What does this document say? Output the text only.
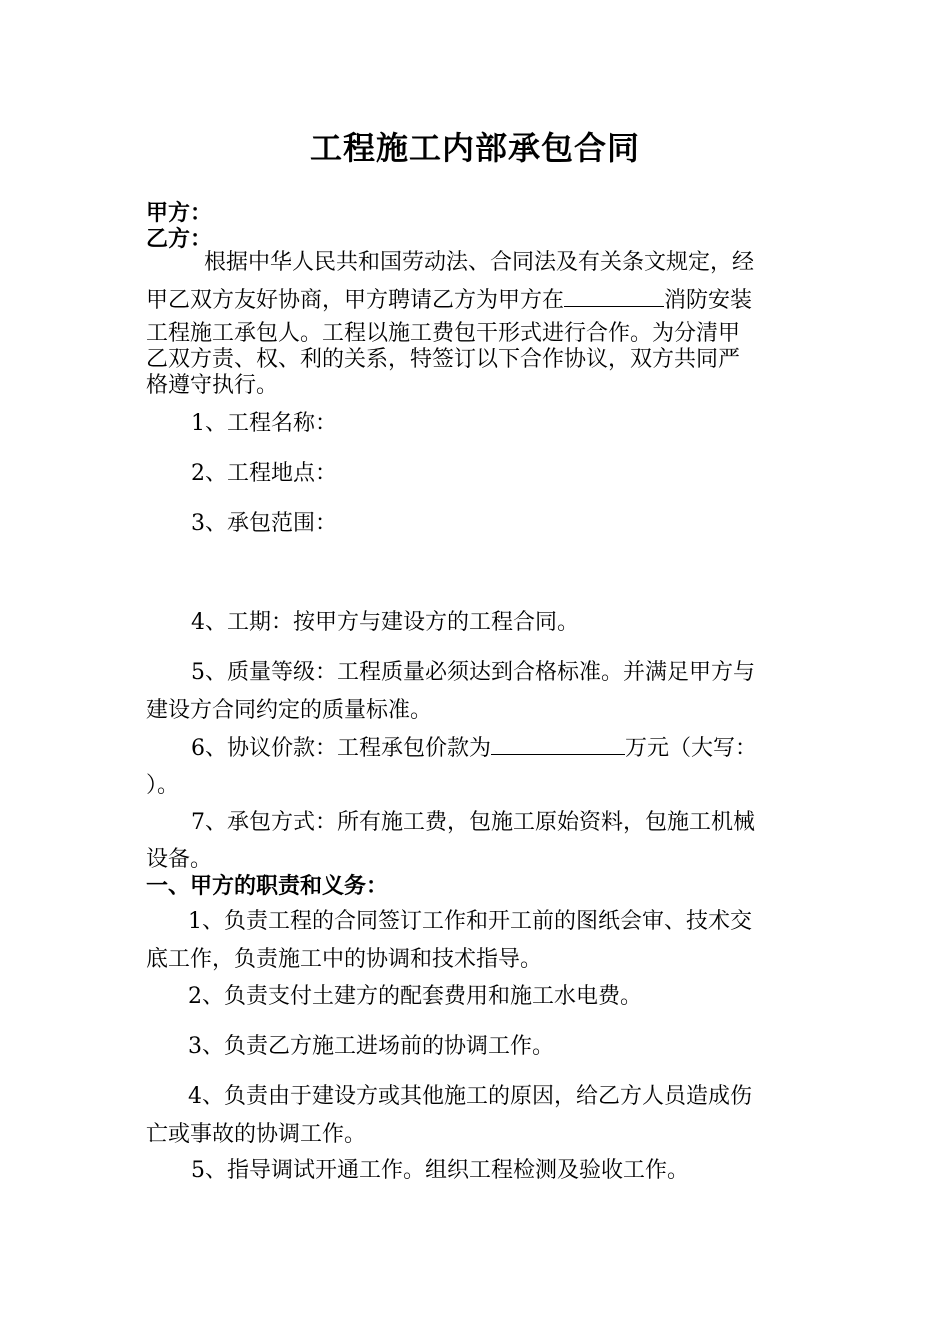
工程施工内部承包合同
甲方：
乙方：
根据中华人民共和国劳动法、合同法及有关条文规定，经
甲乙双方友好协商，甲方聘请乙方为甲方在	消防安装
工程施工承包人。工程以施工费包干形式进行合作。为分清甲
乙双方责、权、利的关系，特签订以下合作协议，双方共同严
格遵守执行。
1、工程名称：
2、工程地点：
3、承包范围：
4、工期：按甲方与建设方的工程合同。
5、质量等级：工程质量必须达到合格标准。并满足甲方与
建设方合同约定的质量标准。
6、协议价款：工程承包价款为	万元（大写：
）。
7、承包方式：所有施工费，包施工原始资料，包施工机械
设备。
一、甲方的职责和义务：
1、负责工程的合同签订工作和开工前的图纸会审、技术交
底工作，负责施工中的协调和技术指导。
2、负责支付土建方的配套费用和施工水电费。
3、负责乙方施工进场前的协调工作。
4、负责由于建设方或其他施工的原因，给乙方人员造成伤
亡或事故的协调工作。
5、指导调试开通工作。组织工程检测及验收工作。
